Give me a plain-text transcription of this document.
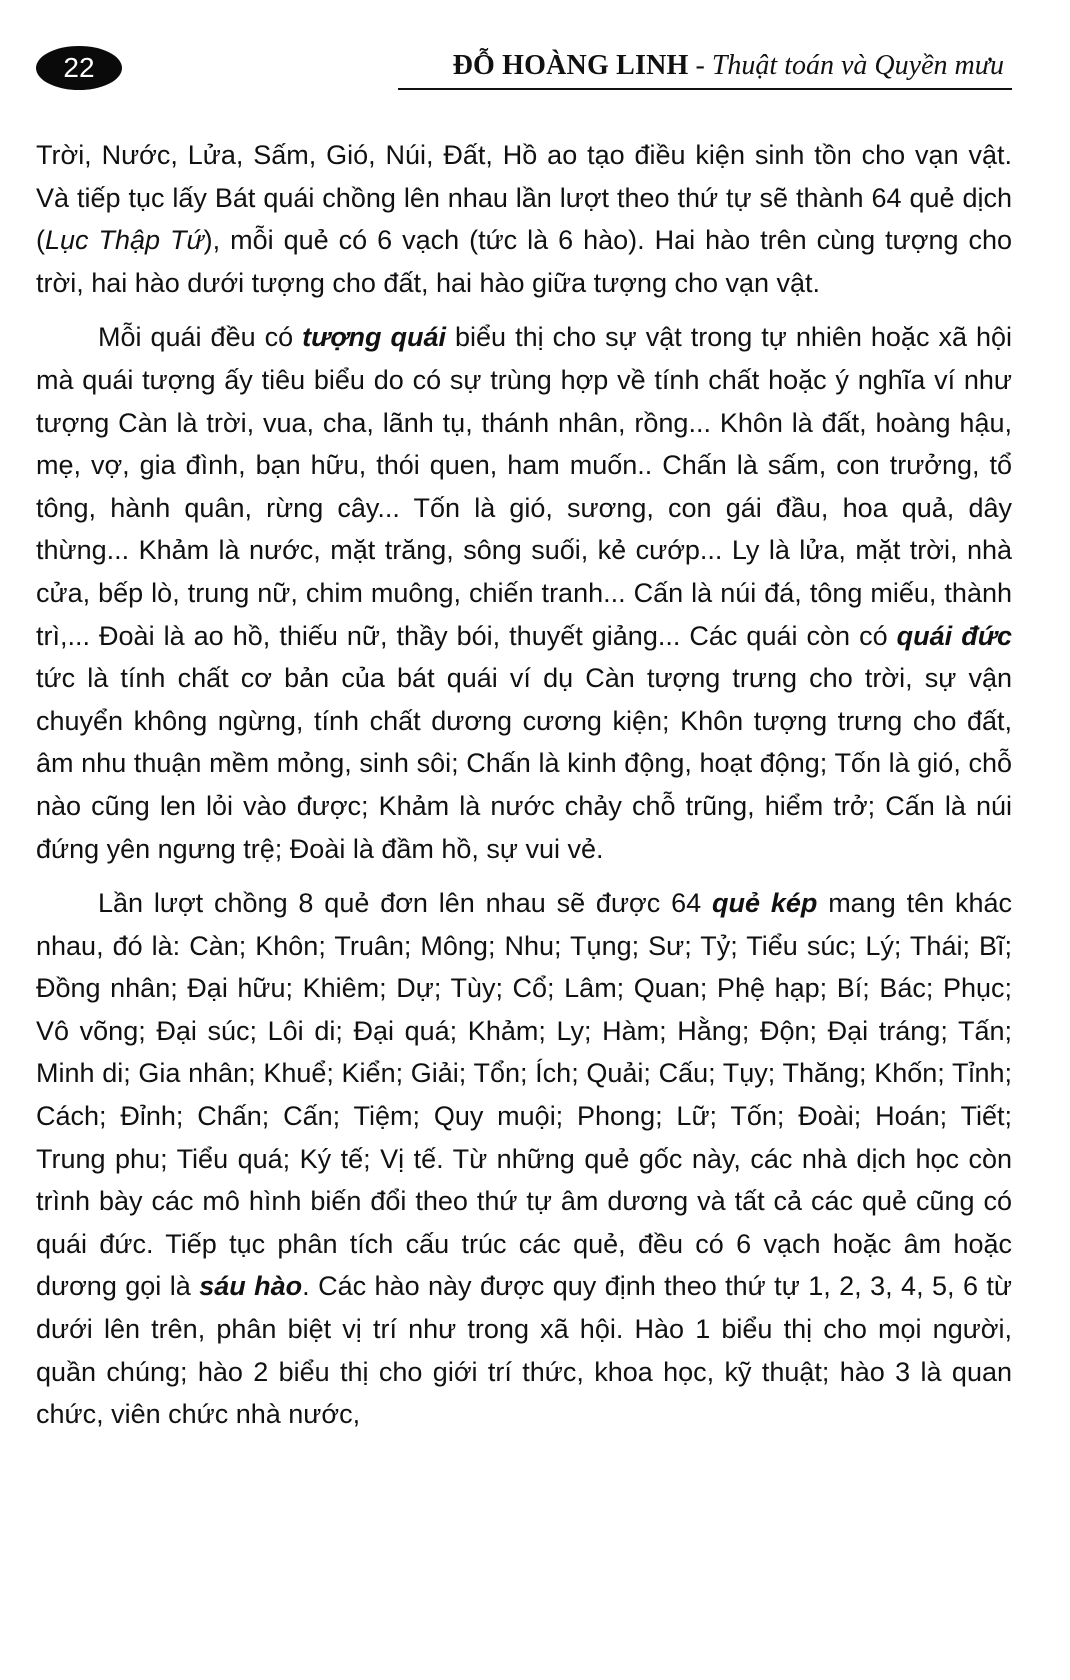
22	ĐỖ HOÀNG LINH - Thuật toán và Quyền mưu

Trời, Nước, Lửa, Sấm, Gió, Núi, Đất, Hồ ao tạo điều kiện sinh tồn cho vạn vật. Và tiếp tục lấy Bát quái chồng lên nhau lần lượt theo thứ tự sẽ thành 64 quẻ dịch (Lục Thập Tứ), mỗi quẻ có 6 vạch (tức là 6 hào). Hai hào trên cùng tượng cho trời, hai hào dưới tượng cho đất, hai hào giữa tượng cho vạn vật.

Mỗi quái đều có tượng quái biểu thị cho sự vật trong tự nhiên hoặc xã hội mà quái tượng ấy tiêu biểu do có sự trùng hợp về tính chất hoặc ý nghĩa ví như tượng Càn là trời, vua, cha, lãnh tụ, thánh nhân, rồng... Khôn là đất, hoàng hậu, mẹ, vợ, gia đình, bạn hữu, thói quen, ham muốn.. Chấn là sấm, con trưởng, tổ tông, hành quân, rừng cây... Tốn là gió, sương, con gái đầu, hoa quả, dây thừng... Khảm là nước, mặt trăng, sông suối, kẻ cướp... Ly là lửa, mặt trời, nhà cửa, bếp lò, trung nữ, chim muông, chiến tranh... Cấn là núi đá, tông miếu, thành trì,... Đoài là ao hồ, thiếu nữ, thầy bói, thuyết giảng... Các quái còn có quái đức tức là tính chất cơ bản của bát quái ví dụ Càn tượng trưng cho trời, sự vận chuyển không ngừng, tính chất dương cương kiện; Khôn tượng trưng cho đất, âm nhu thuận mềm mỏng, sinh sôi; Chấn là kinh động, hoạt động; Tốn là gió, chỗ nào cũng len lỏi vào được; Khảm là nước chảy chỗ trũng, hiểm trở; Cấn là núi đứng yên ngưng trệ; Đoài là đầm hồ, sự vui vẻ.

Lần lượt chồng 8 quẻ đơn lên nhau sẽ được 64 quẻ kép mang tên khác nhau, đó là: Càn; Khôn; Truân; Mông; Nhu; Tụng; Sư; Tỷ; Tiểu súc; Lý; Thái; Bĩ; Đồng nhân; Đại hữu; Khiêm; Dự; Tùy; Cổ; Lâm; Quan; Phệ hạp; Bí; Bác; Phục; Vô võng; Đại súc; Lôi di; Đại quá; Khảm; Ly; Hàm; Hằng; Độn; Đại tráng; Tấn; Minh di; Gia nhân; Khuể; Kiển; Giải; Tổn; Ích; Quải; Cấu; Tụy; Thăng; Khốn; Tỉnh; Cách; Đỉnh; Chấn; Cấn; Tiệm; Quy muội; Phong; Lữ; Tốn; Đoài; Hoán; Tiết; Trung phu; Tiểu quá; Ký tế; Vị tế. Từ những quẻ gốc này, các nhà dịch học còn trình bày các mô hình biến đổi theo thứ tự âm dương và tất cả các quẻ cũng có quái đức. Tiếp tục phân tích cấu trúc các quẻ, đều có 6 vạch hoặc âm hoặc dương gọi là sáu hào. Các hào này được quy định theo thứ tự 1, 2, 3, 4, 5, 6 từ dưới lên trên, phân biệt vị trí như trong xã hội. Hào 1 biểu thị cho mọi người, quần chúng; hào 2 biểu thị cho giới trí thức, khoa học, kỹ thuật; hào 3 là quan chức, viên chức nhà nước,
